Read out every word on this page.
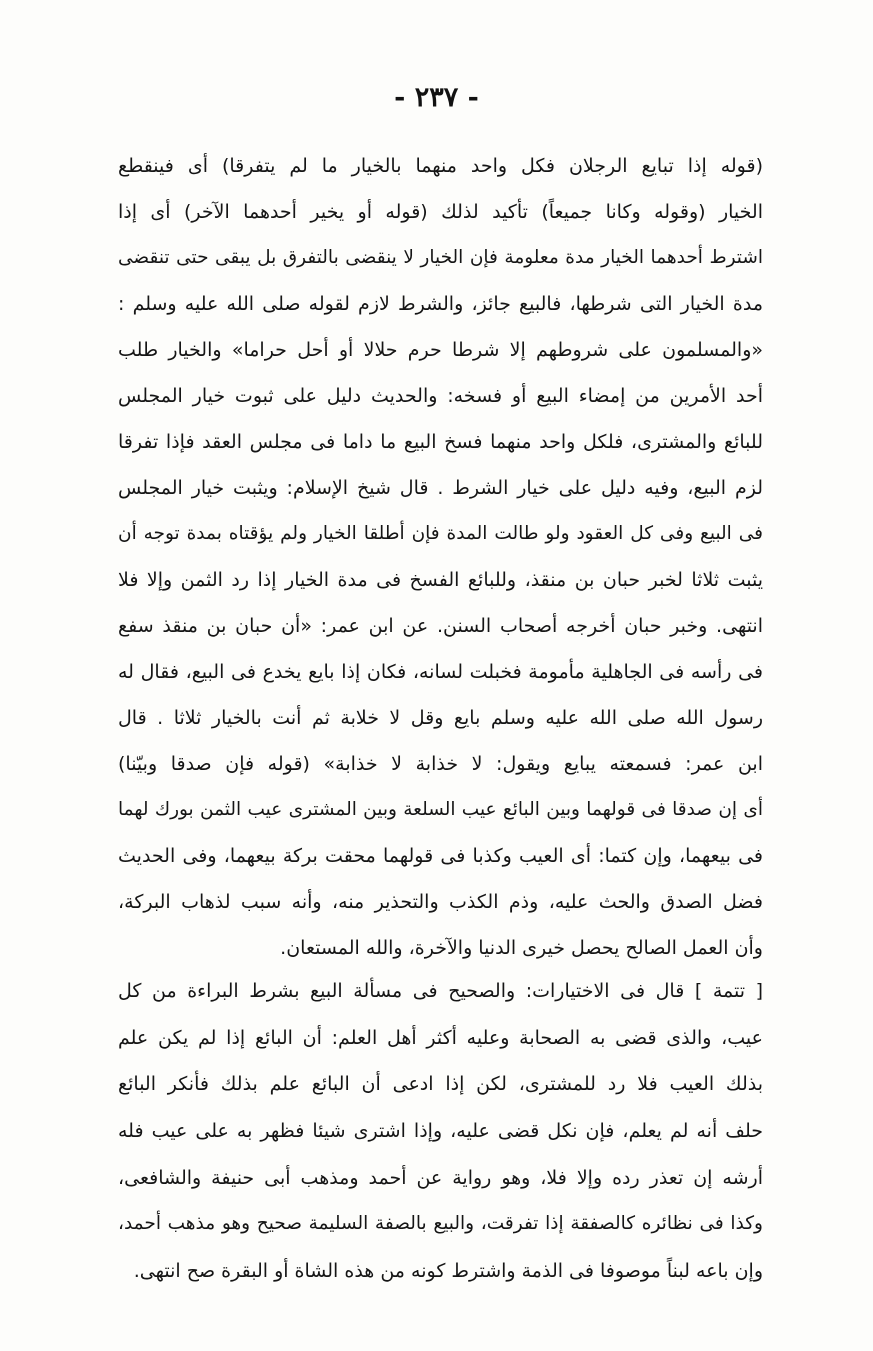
- ٢٣٧ -
(قوله إذا تبايع الرجلان فكل واحد منهما بالخيار ما لم يتفرقا) أى فينقطع
الخيار (وقوله وكانا جميعاً) تأكيد لذلك (قوله أو يخير أحدهما الآخر) أى إذا
اشترط أحدهما الخيار مدة معلومة فإن الخيار لا ينقضى بالتفرق بل يبقى حتى تنقضى
مدة الخيار التى شرطها، فالبيع جائز، والشرط لازم لقوله صلى الله عليه وسلم :
«والمسلمون على شروطهم إلا شرطا حرم حلالا أو أحل حراما» والخيار طلب
أحد الأمرين من إمضاء البيع أو فسخه: والحديث دليل على ثبوت خيار المجلس
للبائع والمشترى، فلكل واحد منهما فسخ البيع ما داما فى مجلس العقد فإذا تفرقا
لزم البيع، وفيه دليل على خيار الشرط . قال شيخ الإسلام: ويثبت خيار المجلس
فى البيع وفى كل العقود ولو طالت المدة فإن أطلقا الخيار ولم يؤقتاه بمدة توجه أن
يثبت ثلاثا لخبر حبان بن منقذ، وللبائع الفسخ فى مدة الخيار إذا رد الثمن وإلا فلا
انتهى. وخبر حبان أخرجه أصحاب السنن. عن ابن عمر: «أن حبان بن منقذ سفع
فى رأسه فى الجاهلية مأمومة فخبلت لسانه، فكان إذا بايع يخدع فى البيع، فقال له
رسول الله صلى الله عليه وسلم بايع وقل لا خلابة ثم أنت بالخيار ثلاثا . قال
ابن عمر: فسمعته يبايع ويقول: لا خذابة لا خذابة» (قوله فإن صدقا وبيّنا)
أى إن صدقا فى قولهما وبين البائع عيب السلعة وبين المشترى عيب الثمن بورك لهما
فى بيعهما، وإن كتما: أى العيب وكذبا فى قولهما محقت بركة بيعهما، وفى الحديث
فضل الصدق والحث عليه، وذم الكذب والتحذير منه، وأنه سبب لذهاب البركة،
وأن العمل الصالح يحصل خيرى الدنيا والآخرة، والله المستعان.
[ تتمة ] قال فى الاختيارات: والصحيح فى مسألة البيع بشرط البراءة من كل
عيب، والذى قضى به الصحابة وعليه أكثر أهل العلم: أن البائع إذا لم يكن علم
بذلك العيب فلا رد للمشترى، لكن إذا ادعى أن البائع علم بذلك فأنكر البائع
حلف أنه لم يعلم، فإن نكل قضى عليه، وإذا اشترى شيئا فظهر به على عيب فله
أرشه إن تعذر رده وإلا فلا، وهو رواية عن أحمد ومذهب أبى حنيفة والشافعى،
وكذا فى نظائره كالصفقة إذا تفرقت، والبيع بالصفة السليمة صحيح وهو مذهب أحمد،
وإن باعه لبناً موصوفا فى الذمة واشترط كونه من هذه الشاة أو البقرة صح انتهى.
